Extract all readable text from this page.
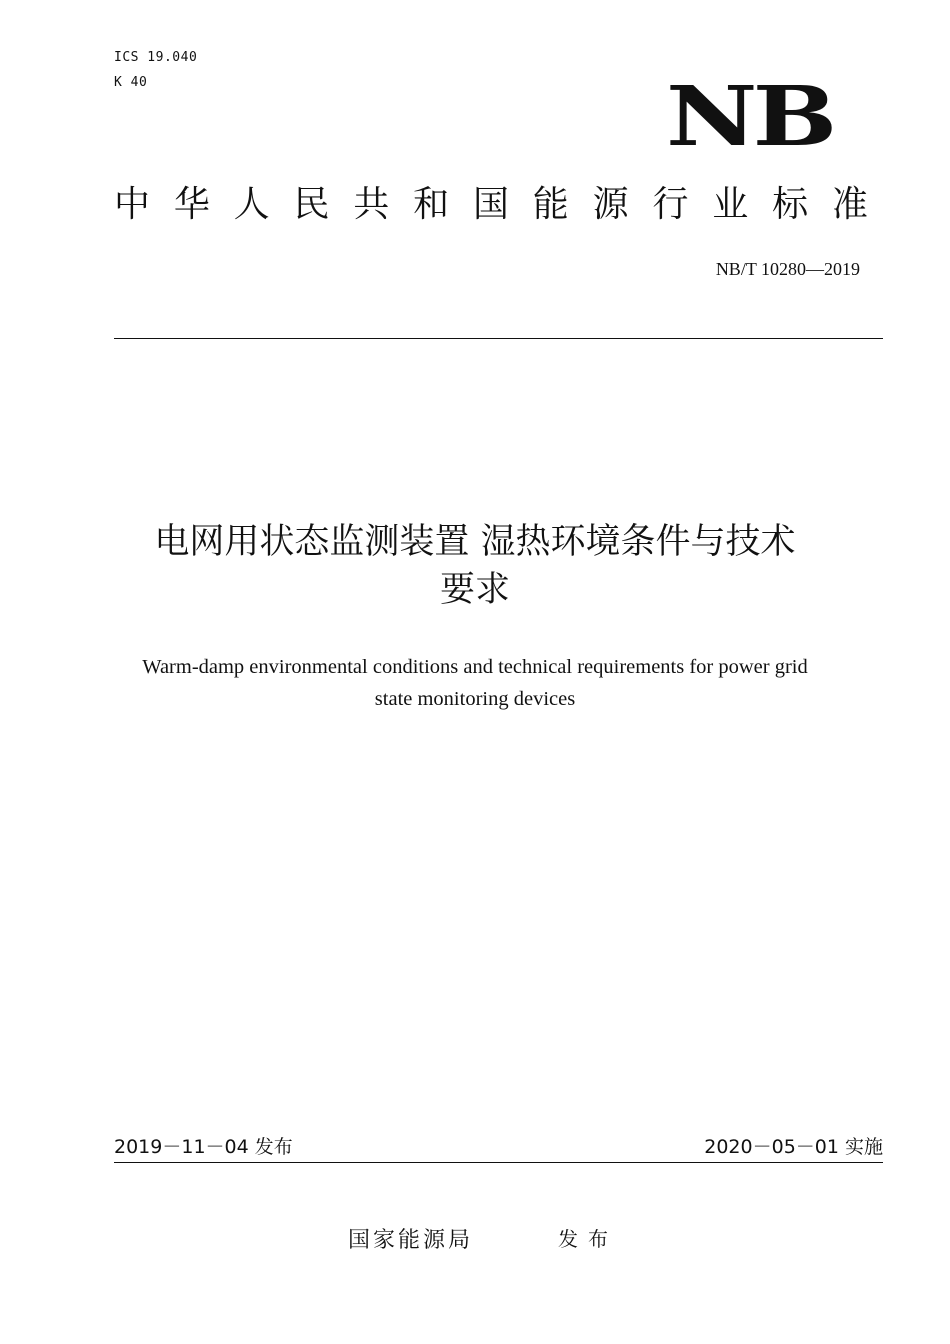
ICS 19.040
K 40	NB
中 华 人 民 共 和 国 能 源 行 业 标 准
NB/T 10280—2019
电网用状态监测装置 湿热环境条件与技术
要求
Warm-damp environmental conditions and technical requirements for power grid
state monitoring devices
2019－11－04 发布	2020－05－01 实施
国家能源局	发布
